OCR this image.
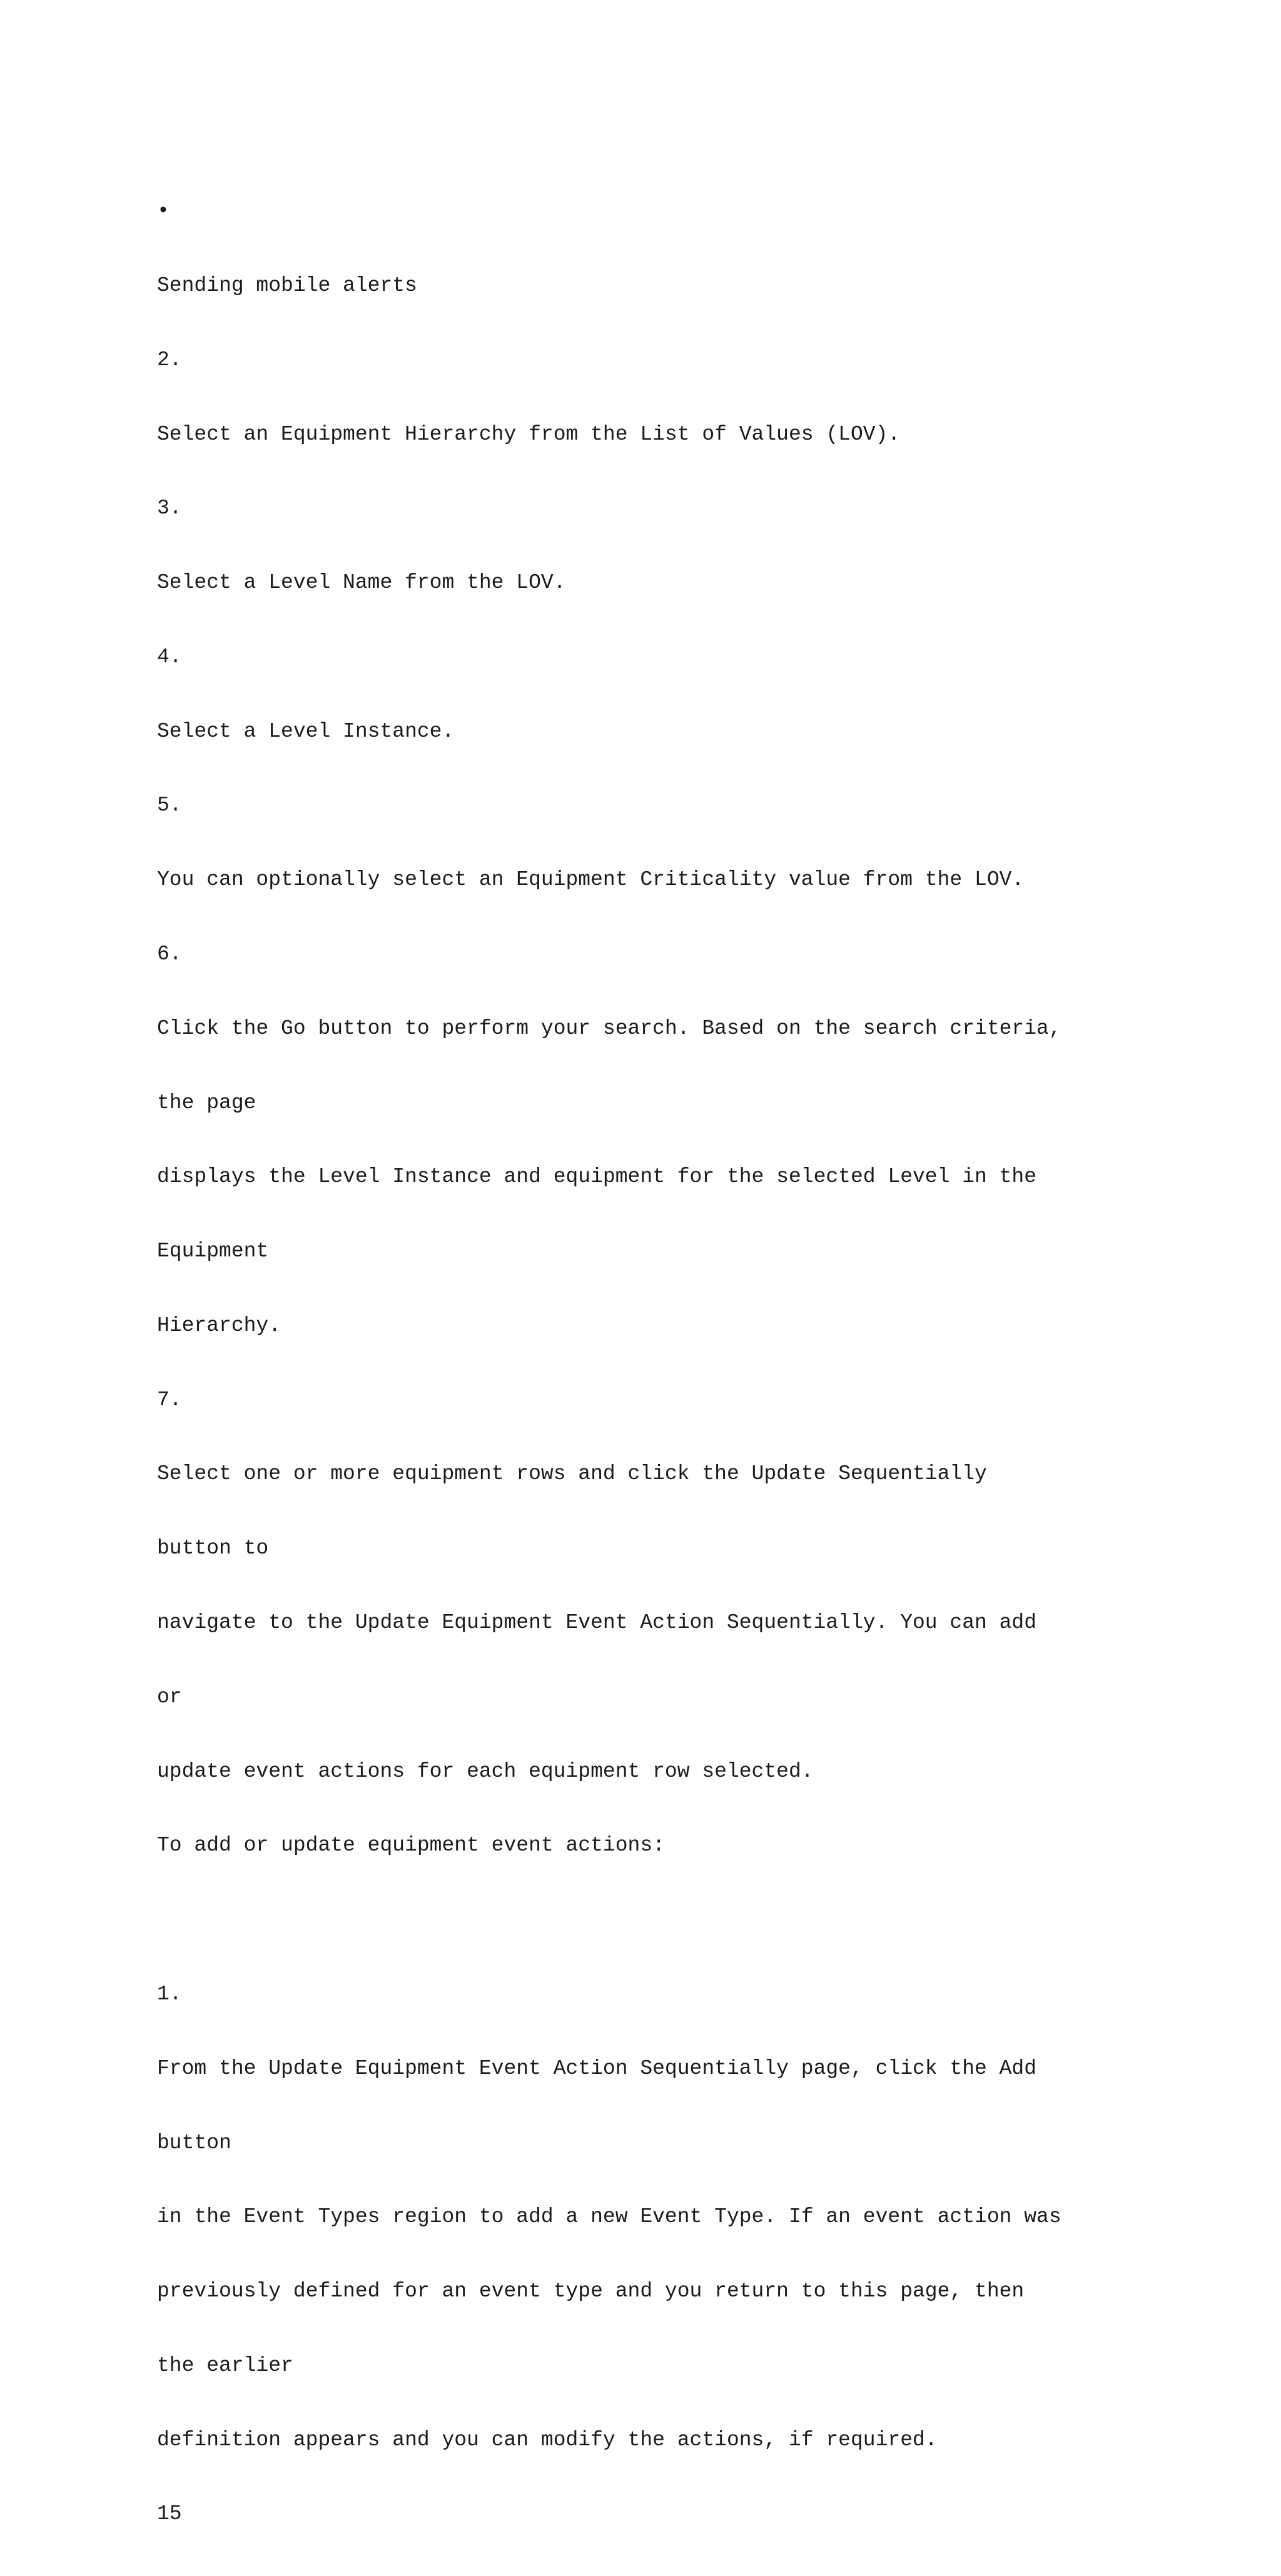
•

Sending mobile alerts

2.

Select an Equipment Hierarchy from the List of Values (LOV).

3.

Select a Level Name from the LOV.

4.

Select a Level Instance.

5.

You can optionally select an Equipment Criticality value from the LOV.

6.

Click the Go button to perform your search. Based on the search criteria,

the page

displays the Level Instance and equipment for the selected Level in the

Equipment

Hierarchy.

7.

Select one or more equipment rows and click the Update Sequentially

button to

navigate to the Update Equipment Event Action Sequentially. You can add

or

update event actions for each equipment row selected.

To add or update equipment event actions:

1.

From the Update Equipment Event Action Sequentially page, click the Add

button

in the Event Types region to add a new Event Type. If an event action was

previously defined for an event type and you return to this page, then

the earlier

definition appears and you can modify the actions, if required.

15
